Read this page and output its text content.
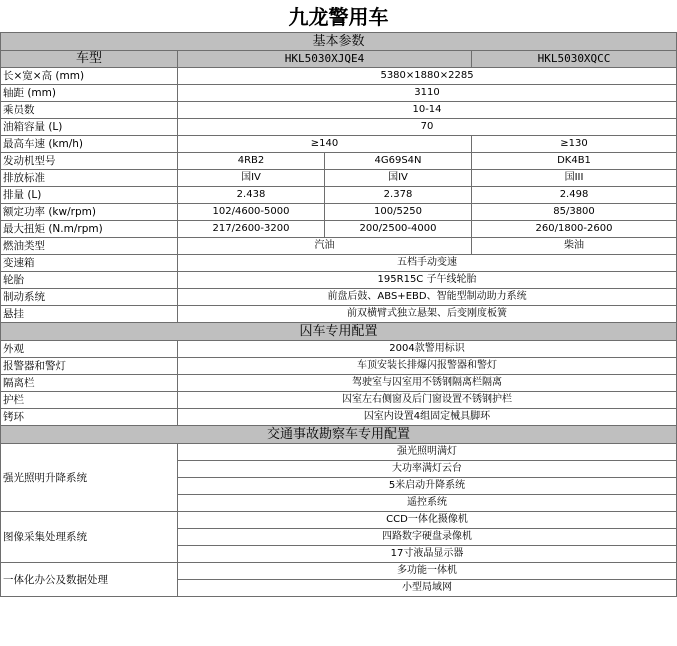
九龙警用车
基本参数			
车型	HKL5030XJQE4		HKL5030XQCC
长×宽×高 (mm)	5380×1880×2285		
轴距 (mm)	3110		
乘员数	10-14		
油箱容量 (L)	70		
最高车速 (km/h)	≥140		≥130
发动机型号	4RB2	4G69S4N	DK4B1
排放标准	国IV	国IV	国III
排量 (L)	2.438	2.378	2.498
额定功率 (kw/rpm)	102/4600-5000	100/5250	85/3800
最大扭矩 (N.m/rpm)	217/2600-3200	200/2500-4000	260/1800-2600
燃油类型	汽油		柴油
变速箱	五档手动变速		
轮胎	195R15C 子午线轮胎		
制动系统	前盘后鼓、ABS+EBD、智能型制动助力系统		
悬挂	前双横臂式独立悬架、后变刚度板簧		
囚车专用配置			
外观	2004款警用标识		
报警器和警灯	车顶安装长排爆闪报警器和警灯		
隔离栏	驾驶室与囚室用不锈钢隔离栏隔离		
护栏	囚室左右侧窗及后门窗设置不锈钢护栏		
铐环	囚室内设置4组固定械具脚环		
交通事故勘察车专用配置			
强光照明升降系统	强光照明满灯		
	大功率满灯云台		
	5米启动升降系统		
	遥控系统		
图像采集处理系统	CCD一体化摄像机		
	四路数字硬盘录像机		
	17寸液晶显示器		
一体化办公及数据处理	多功能一体机		
	小型局域网		
